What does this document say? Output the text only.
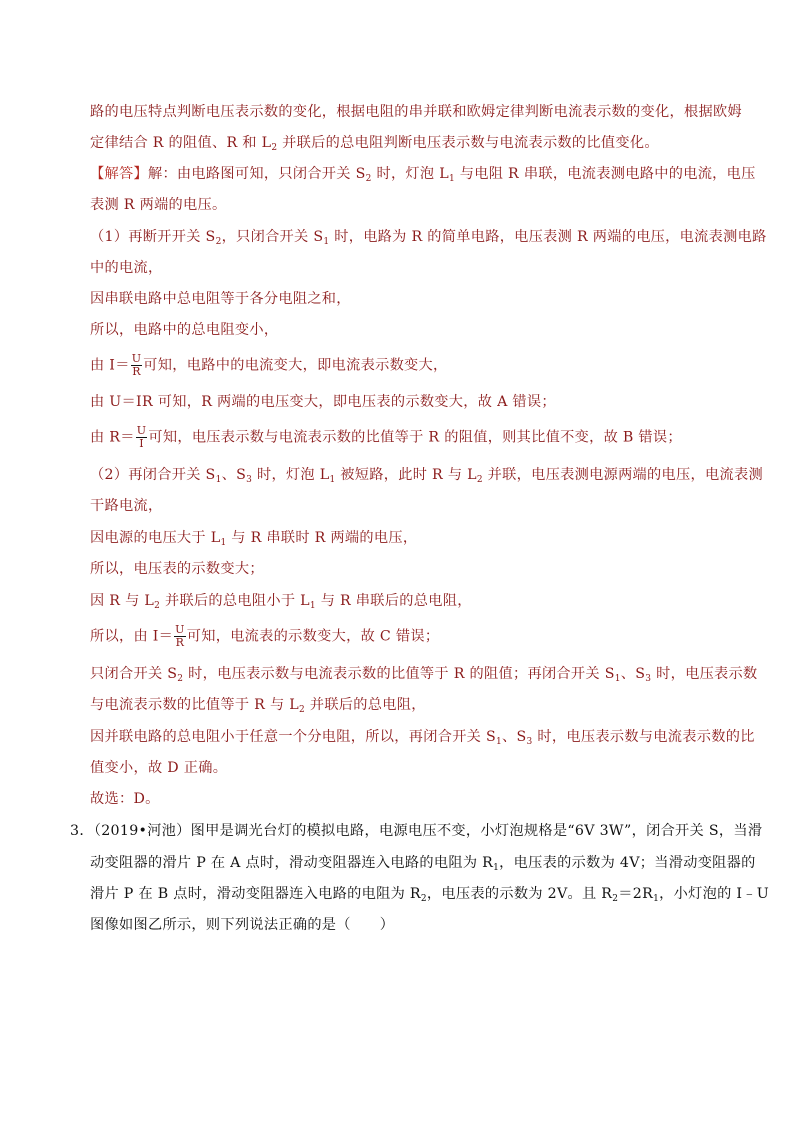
路的电压特点判断电压表示数的变化，根据电阻的串并联和欧姆定律判断电流表示数的变化，根据欧姆
定律结合 R 的阻值、R 和 $L_2$ 并联后的总电阻判断电压表示数与电流表示数的比值变化。
【解答】解：由电路图可知，只闭合开关 $S_2$ 时，灯泡 $L_1$ 与电阻 R 串联，电流表测电路中的电流，电压
表测 R 两端的电压。
（1）再断开开关 $S_2$，只闭合开关 $S_1$ 时，电路为 R 的简单电路，电压表测 R 两端的电压，电流表测电路
中的电流，
因串联电路中总电阻等于各分电阻之和，
所以，电路中的总电阻变小，
由 $I= \frac{U}{R}$ 可知，电路中的电流变大，即电流表示数变大，
由 U＝IR 可知，R 两端的电压变大，即电压表的示数变大，故 A 错误；
由 $R= \frac{U}{I}$ 可知，电压表示数与电流表示数的比值等于 R 的阻值，则其比值不变，故 B 错误；
（2）再闭合开关 $S_1$、$S_3$ 时，灯泡 $L_1$ 被短路，此时 R 与 $L_2$ 并联，电压表测电源两端的电压，电流表测
干路电流，
因电源的电压大于 $L_1$ 与 R 串联时 R 两端的电压，
所以，电压表的示数变大；
因 R 与 $L_2$ 并联后的总电阻小于 $L_1$ 与 R 串联后的总电阻，
所以，由 $I= \frac{U}{R}$ 可知，电流表的示数变大，故 C 错误；
只闭合开关 $S_2$ 时，电压表示数与电流表示数的比值等于 R 的阻值；再闭合开关 $S_1$、$S_3$ 时，电压表示数
与电流表示数的比值等于 R 与 $L_2$ 并联后的总电阻，
因并联电路的总电阻小于任意一个分电阻，所以，再闭合开关 $S_1$、$S_3$ 时，电压表示数与电流表示数的比
值变小，故 D 正确。
故选：D。
3．（2019•河池）图甲是调光台灯的模拟电路，电源电压不变，小灯泡规格是“6V 3W”，闭合开关 S，当滑
动变阻器的滑片 P 在 A 点时，滑动变阻器连入电路的电阻为 $R_1$，电压表的示数为 4V；当滑动变阻器的
滑片 P 在 B 点时，滑动变阻器连入电路的电阻为 $R_2$，电压表的示数为 2V。且 $R_2=2R_1$，小灯泡的 I﹣U
图像如图乙所示，则下列说法正确的是（　　）
